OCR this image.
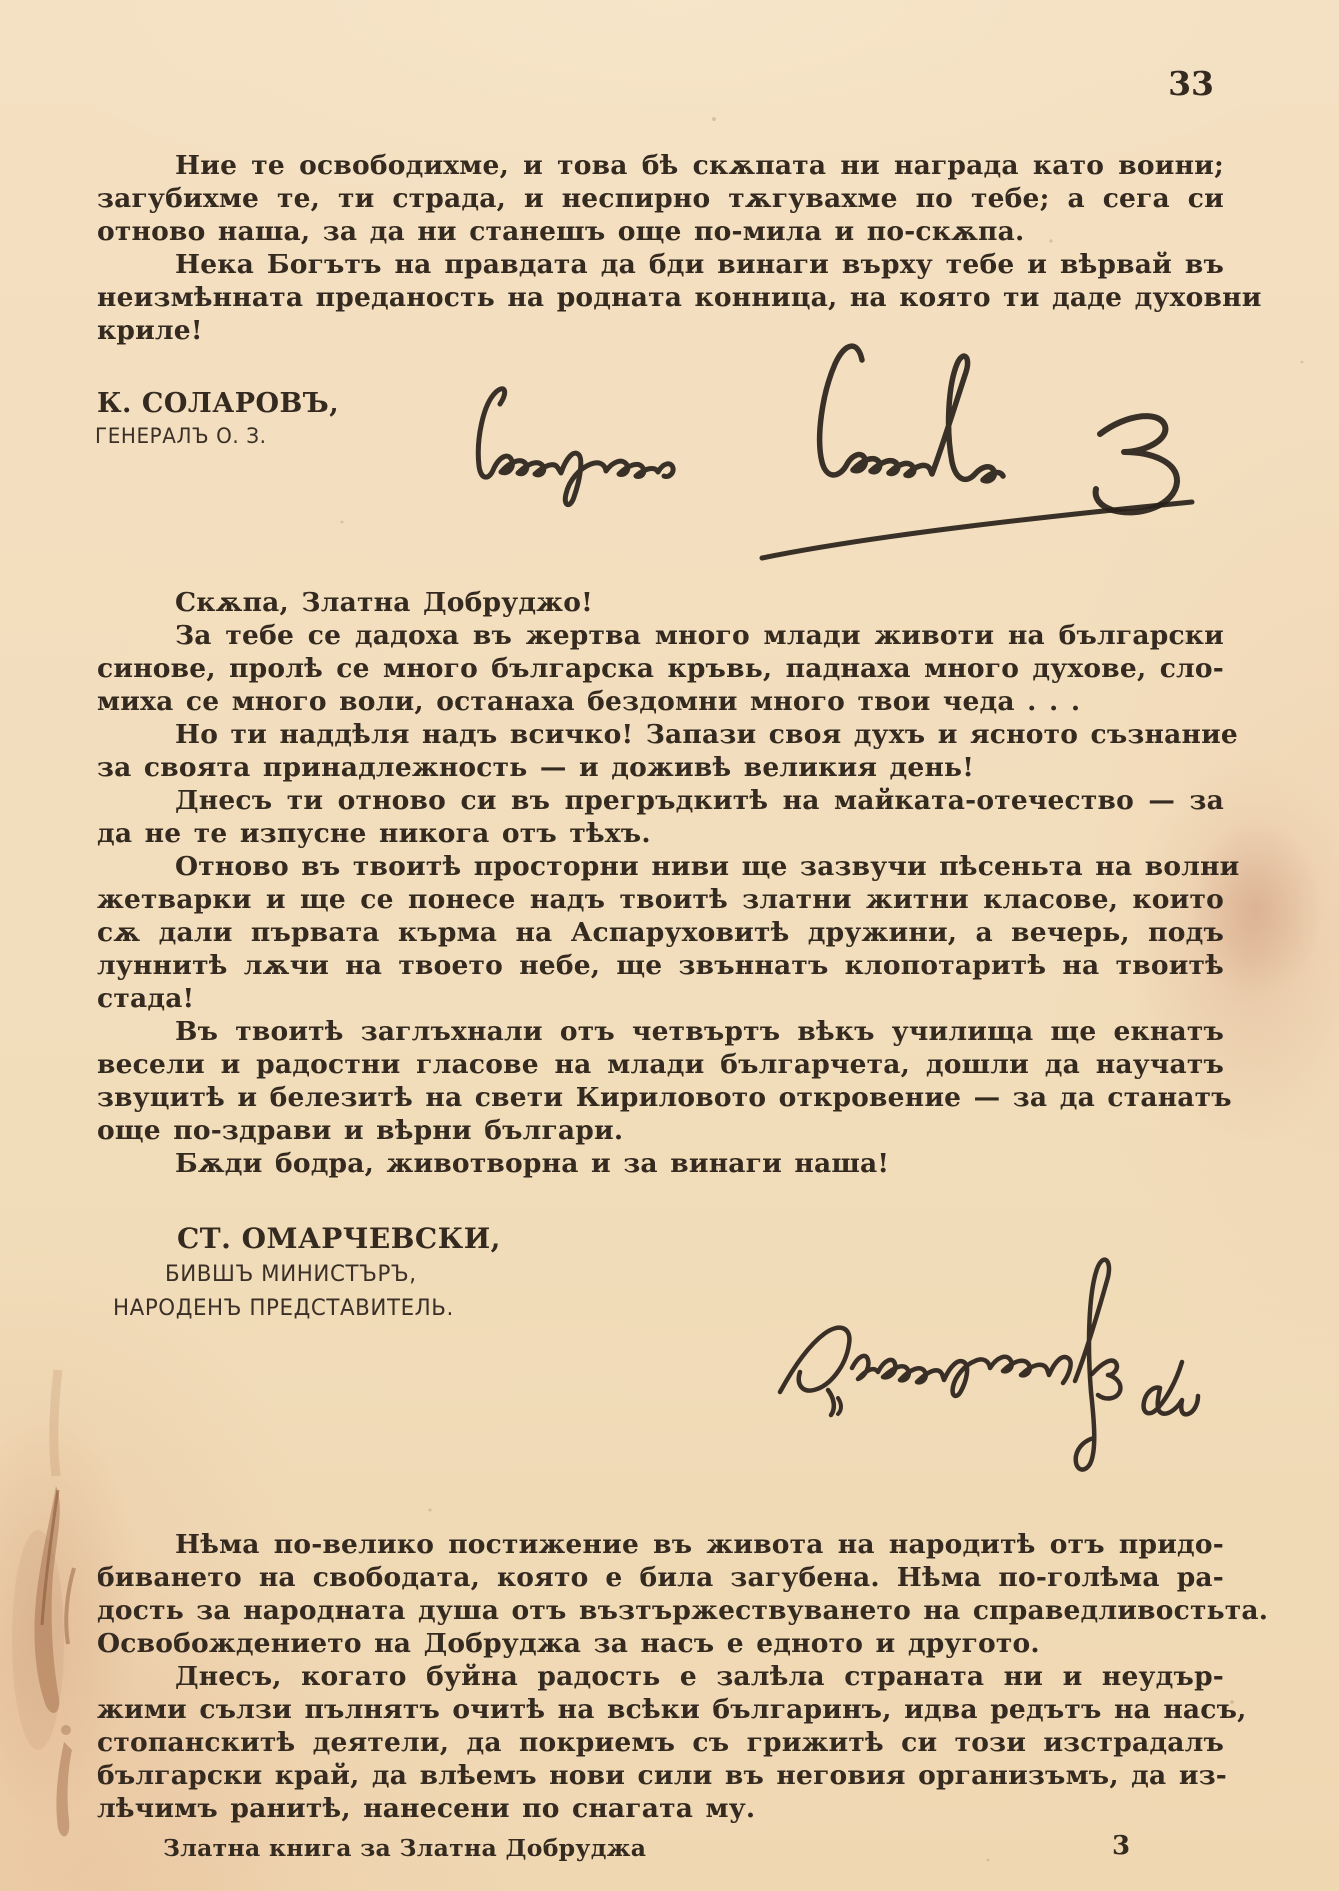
33
Ние те освободихме, и това бѣ скѫпата ни награда като воини;
загубихме те, ти страда, и неспирно тѫгувахме по тебе; а сега си
отново наша, за да ни станешъ още по-мила и по-скѫпа.
Нека Богътъ на правдата да бди винаги върху тебе и вѣрвай въ
неизмѣнната преданость на родната конница, на която ти даде духовни
криле!
К. СОЛАРОВЪ,
ГЕНЕРАЛЪ О. З.
Скѫпа, Златна Добруджо!
За тебе се дадоха въ жертва много млади животи на български
синове, пролѣ се много българска кръвь, паднаха много духове, сло-
миха се много воли, останаха бездомни много твои чеда . . .
Но ти наддѣля надъ всичко! Запази своя духъ и ясното съзнание
за своята принадлежность — и доживѣ великия день!
Днесъ ти отново си въ прегръдкитѣ на майката-отечество — за
да не те изпусне никога отъ тѣхъ.
Отново въ твоитѣ просторни ниви ще зазвучи пѣсеньта на волни
жетварки и ще се понесе надъ твоитѣ златни житни класове, които
сѫ дали първата кърма на Аспаруховитѣ дружини, а вечерь, подъ
луннитѣ лѫчи на твоето небе, ще звъннатъ клопотаритѣ на твоитѣ
стада!
Въ твоитѣ заглъхнали отъ четвъртъ вѣкъ училища ще екнатъ
весели и радостни гласове на млади българчета, дошли да научатъ
звуцитѣ и белезитѣ на свети Кириловото откровение — за да станатъ
още по-здрави и вѣрни българи.
Бѫди бодра, животворна и за винаги наша!
СТ. ОМАРЧЕВСКИ,
БИВШЪ МИНИСТЪРЪ,
НАРОДЕНЪ ПРЕДСТАВИТЕЛЬ.
Нѣма по-велико постижение въ живота на народитѣ отъ придо-
биването на свободата, която е била загубена. Нѣма по-голѣма ра-
дость за народната душа отъ възтържествуването на справедливостьта.
Освобождението на Добруджа за насъ е едното и другото.
Днесъ, когато буйна радость е залѣла страната ни и неудър-
жими сълзи пълнятъ очитѣ на всѣки българинъ, идва редътъ на насъ,
стопанскитѣ деятели, да покриемъ съ грижитѣ си този изстрадалъ
български край, да влѣемъ нови сили въ неговия организъмъ, да из-
лѣчимъ ранитѣ, нанесени по снагата му.
Златна книга за Златна Добруджа	3
